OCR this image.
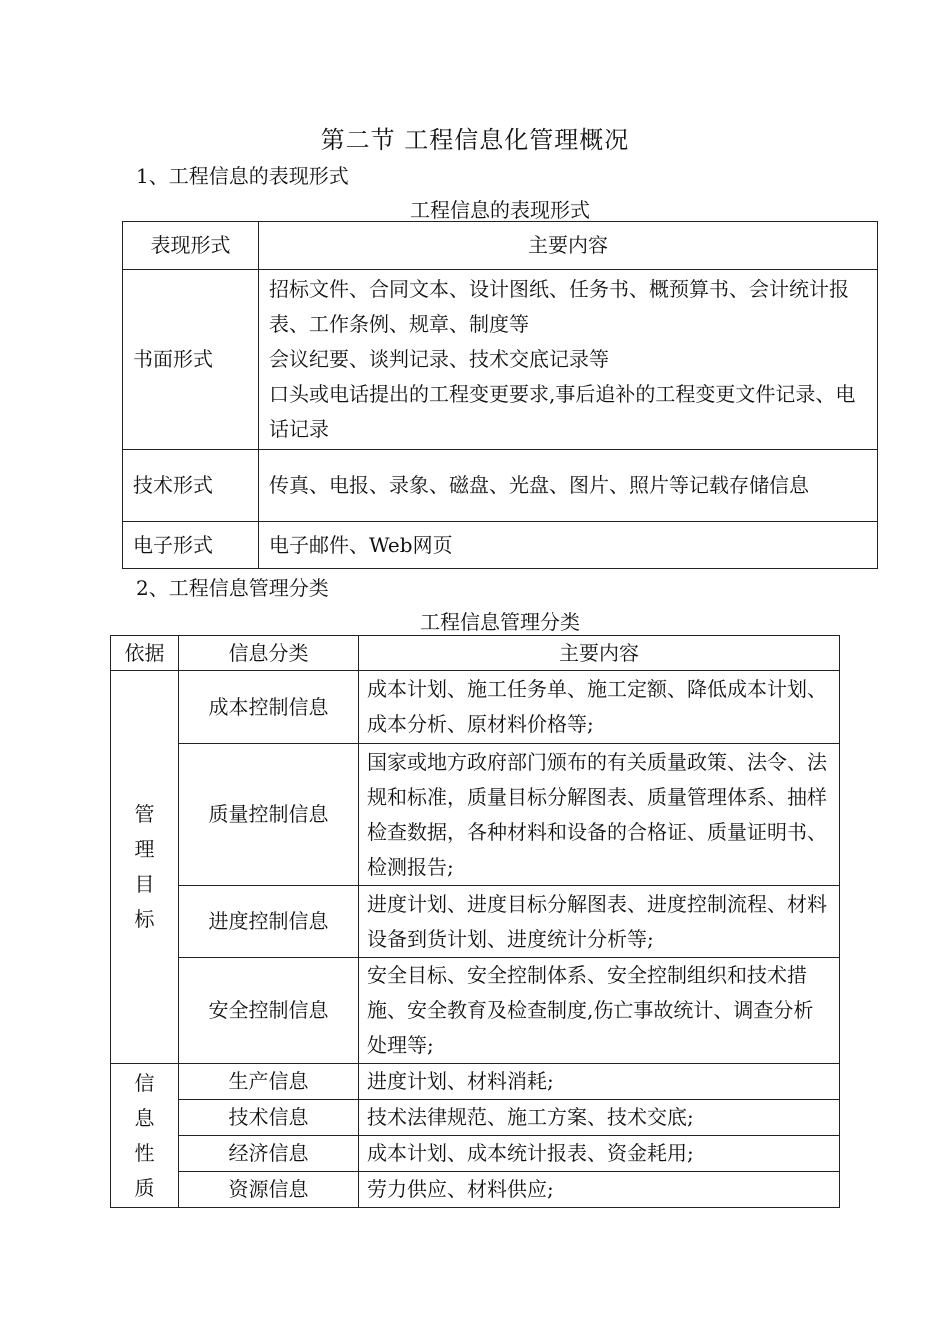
第二节 工程信息化管理概况
1、工程信息的表现形式
工程信息的表现形式
表现形式	主要内容
书面形式	招标文件、合同文本、设计图纸、任务书、概预算书、会计统计报表、工作条例、规章、制度等
会议纪要、谈判记录、技术交底记录等
口头或电话提出的工程变更要求,事后追补的工程变更文件记录、电话记录

技术形式	传真、电报、录象、磁盘、光盘、图片、照片等记载存储信息

电子形式	电子邮件、Web网页
2、工程信息管理分类
工程信息管理分类
依据	信息分类	主要内容

管
理
目
标	成本控制信息	成本计划、施工任务单、施工定额、降低成本计划、成本分析、原材料价格等;
	质量控制信息	国家或地方政府部门颁布的有关质量政策、法令、法规和标准，质量目标分解图表、质量管理体系、抽样检查数据，各种材料和设备的合格证、质量证明书、检测报告;
	进度控制信息	进度计划、进度目标分解图表、进度控制流程、材料设备到货计划、进度统计分析等;
	安全控制信息	安全目标、安全控制体系、安全控制组织和技术措施、安全教育及检查制度,伤亡事故统计、调查分析处理等;

信
息
性
质	生产信息	进度计划、材料消耗;
	技术信息	技术法律规范、施工方案、技术交底;
	经济信息	成本计划、成本统计报表、资金耗用;
	资源信息	劳力供应、材料供应;
